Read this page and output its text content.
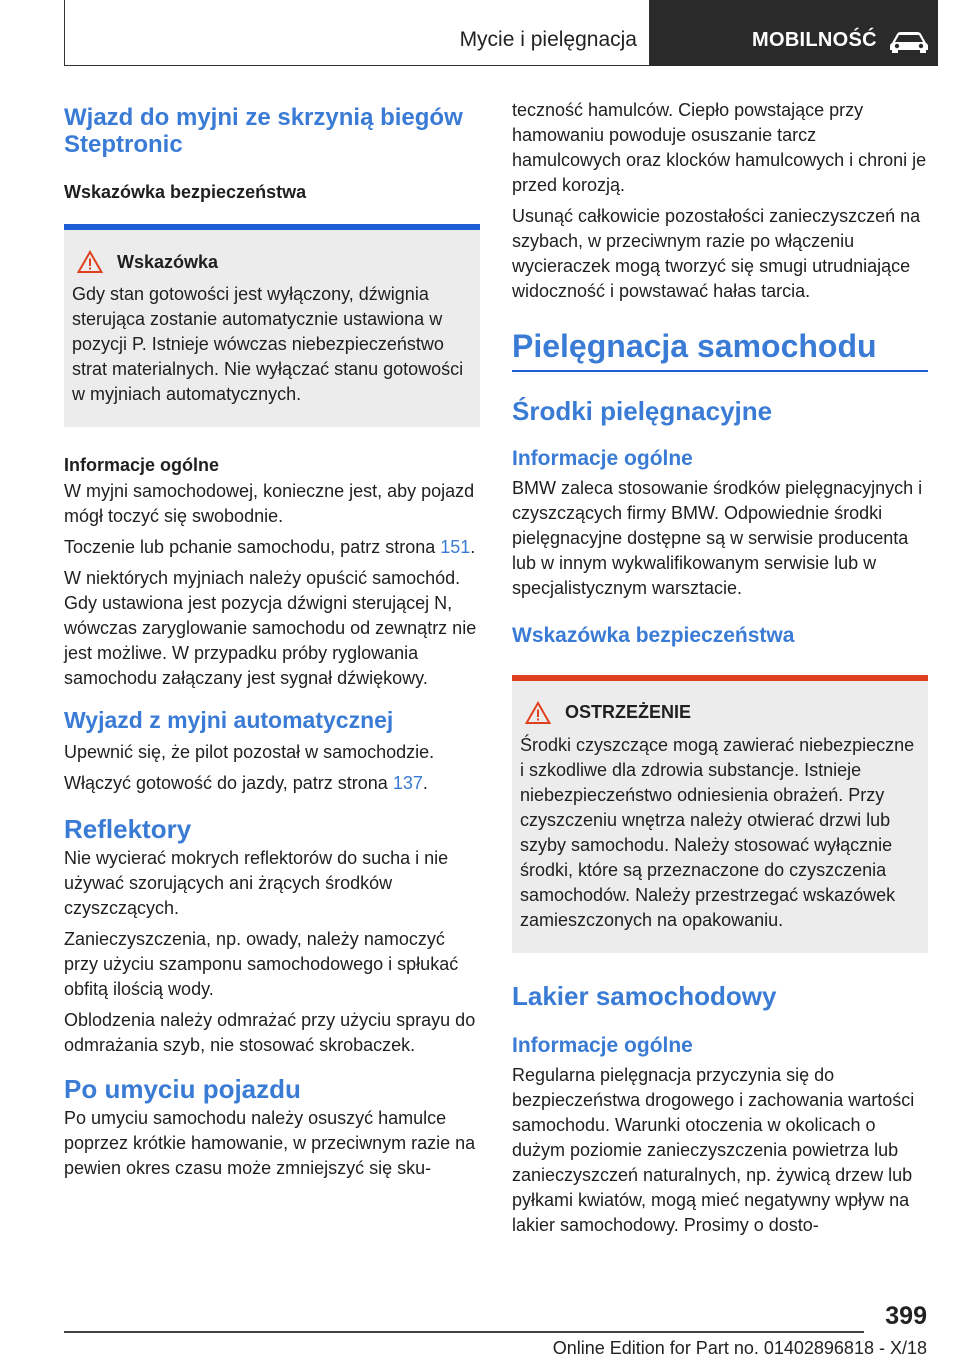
Mycie i pielęgnacja	MOBILNOŚĆ
Wjazd do myjni ze skrzynią biegów Steptronic
Wskazówka bezpieczeństwa
Wskazówka

Gdy stan gotowości jest wyłączony, dźwignia sterująca zostanie automatycznie ustawiona w pozycji P. Istnieje wówczas niebezpieczeństwo strat materialnych. Nie wyłączać stanu gotowości w myjniach automatycznych.

Informacje ogólne

W myjni samochodowej, konieczne jest, aby pojazd mógł toczyć się swobodnie.

Toczenie lub pchanie samochodu, patrz strona 151.

W niektórych myjniach należy opuścić samochód. Gdy ustawiona jest pozycja dźwigni sterującej N, wówczas zaryglowanie samochodu od zewnątrz nie jest możliwe. W przypadku próby ryglowania samochodu załączany jest sygnał dźwiękowy.

Wyjazd z myjni automatycznej

Upewnić się, że pilot pozostał w samochodzie.

Włączyć gotowość do jazdy, patrz strona 137.

Reflektory

Nie wycierać mokrych reflektorów do sucha i nie używać szorujących ani żrących środków czyszczących.

Zanieczyszczenia, np. owady, należy namoczyć przy użyciu szamponu samochodowego i spłukać obfitą ilością wody.

Oblodzenia należy odmrażać przy użyciu sprayu do odmrażania szyb, nie stosować skrobaczek.

Po umyciu pojazdu

Po umyciu samochodu należy osuszyć hamulce poprzez krótkie hamowanie, w przeciwnym razie na pewien okres czasu może zmniejszyć się sku-

teczność hamulców. Ciepło powstające przy hamowaniu powoduje osuszanie tarcz hamulcowych oraz klocków hamulcowych i chroni je przed korozją.

Usunąć całkowicie pozostałości zanieczyszczeń na szybach, w przeciwnym razie po włączeniu wycieraczek mogą tworzyć się smugi utrudniające widoczność i powstawać hałas tarcia.

Pielęgnacja samochodu
Środki pielęgnacyjne
Informacje ogólne

BMW zaleca stosowanie środków pielęgnacyjnych i czyszczących firmy BMW. Odpowiednie środki pielęgnacyjne dostępne są w serwisie producenta lub w innym wykwalifikowanym serwisie lub w specjalistycznym warsztacie.

Wskazówka bezpieczeństwa
OSTRZEŻENIE

Środki czyszczące mogą zawierać niebezpieczne i szkodliwe dla zdrowia substancje. Istnieje niebezpieczeństwo odniesienia obrażeń. Przy czyszczeniu wnętrza należy otwierać drzwi lub szyby samochodu. Należy stosować wyłącznie środki, które są przeznaczone do czyszczenia samochodów. Należy przestrzegać wskazówek zamieszczonych na opakowaniu.

Lakier samochodowy
Informacje ogólne

Regularna pielęgnacja przyczynia się do bezpieczeństwa drogowego i zachowania wartości samochodu. Warunki otoczenia w okolicach o dużym poziomie zanieczyszczenia powietrza lub zanieczyszczeń naturalnych, np. żywicą drzew lub pyłkami kwiatów, mogą mieć negatywny wpływ na lakier samochodowy. Prosimy o dosto-

399
Online Edition for Part no. 01402896818 - X/18
